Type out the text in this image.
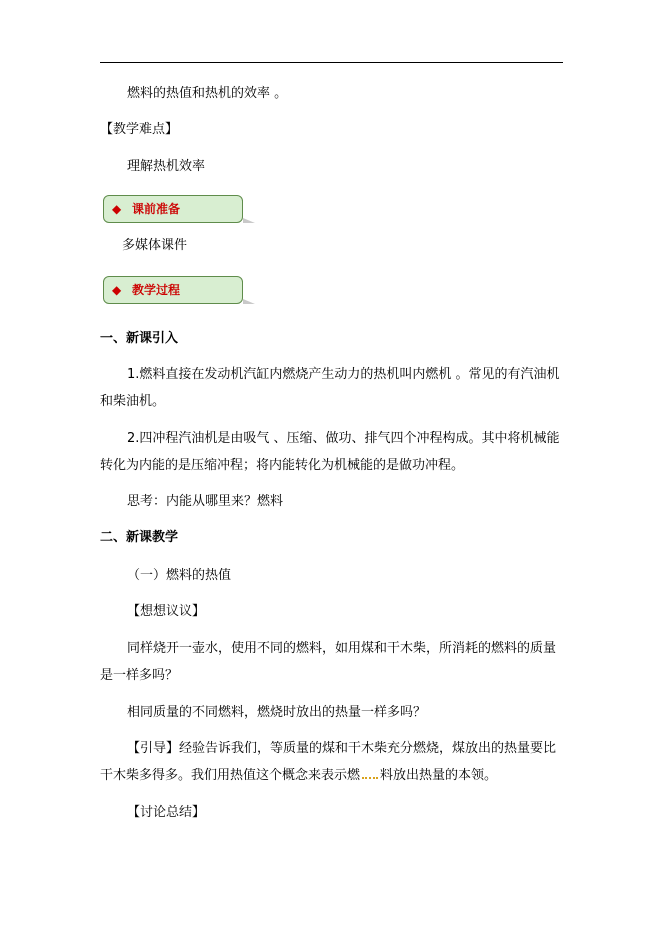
燃料的热值和热机的效率 。

【教学难点】

理解热机效率

◆ 课前准备

多媒体课件

◆ 教学过程

一、新课引入

1.燃料直接在发动机汽缸内燃烧产生动力的热机叫内燃机 。常见的有汽油机

和柴油机。

2.四冲程汽油机是由吸气 、压缩、做功、排气四个冲程构成。其中将机械能

转化为内能的是压缩冲程；将内能转化为机械能的是做功冲程。

思考：内能从哪里来？燃料

二、新课教学

（一）燃料的热值

【想想议议】

同样烧开一壶水，使用不同的燃料，如用煤和干木柴，所消耗的燃料的质量

是一样多吗？

相同质量的不同燃料，燃烧时放出的热量一样多吗？

【引导】经验告诉我们，等质量的煤和干木柴充分燃烧，煤放出的热量要比

干木柴多得多。我们用热值这个概念来表示燃 料放出热量的本领。

【讨论总结】
